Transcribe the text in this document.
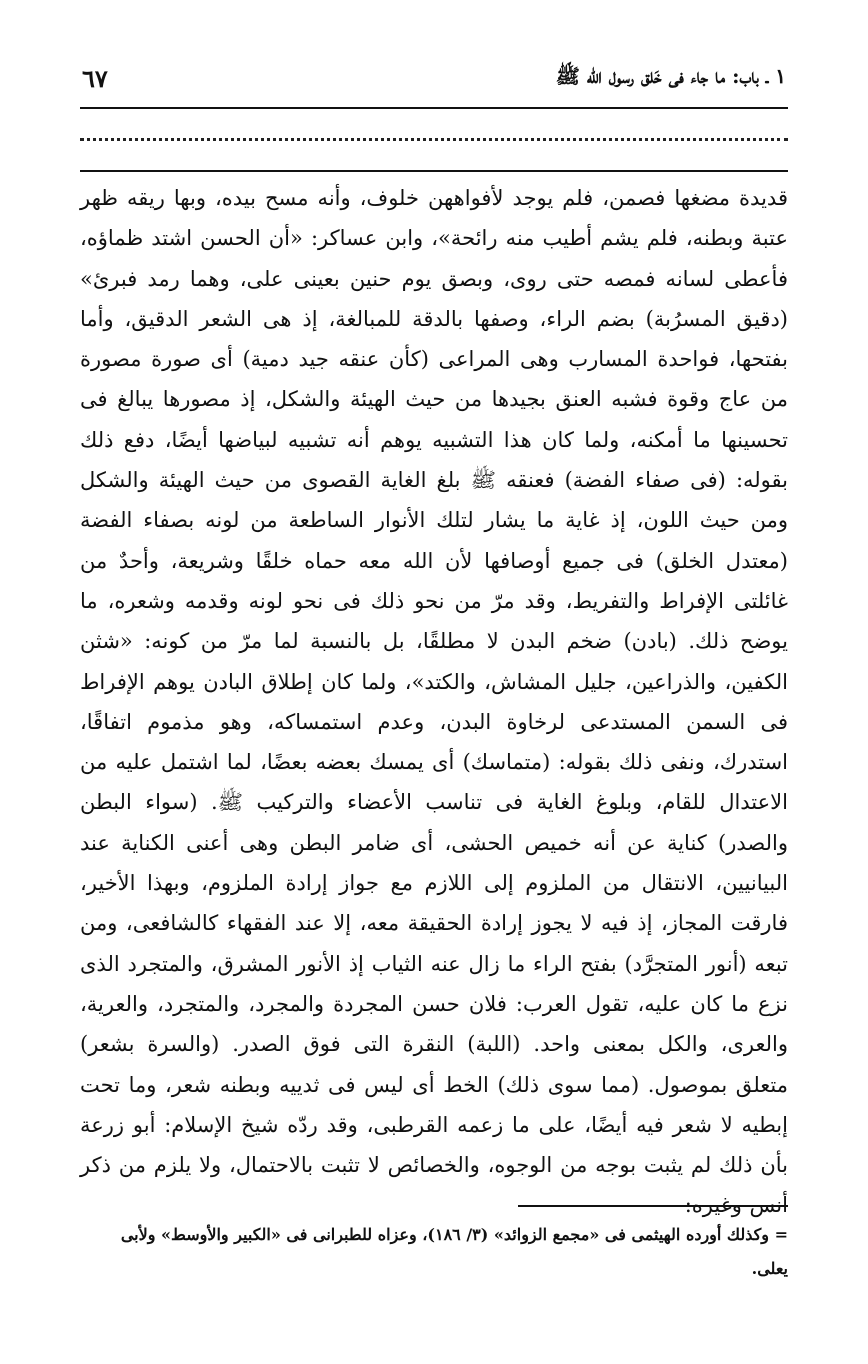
١ ـ باب: ما جاء فى خَلق رسول الله ﷺ
٦٧

قديدة مضغها فصمن، فلم يوجد لأفواههن خلوف، وأنه مسح بيده، وبها ريقه ظهر عتبة وبطنه، فلم يشم أطيب منه رائحة»، وابن عساكر: «أن الحسن اشتد ظماؤه، فأعطى لسانه فمصه حتى روى، وبصق يوم حنين بعينى على، وهما رمد فبرئ» (دقيق المسرُبة) بضم الراء، وصفها بالدقة للمبالغة، إذ هى الشعر الدقيق، وأما بفتحها، فواحدة المسارب وهى المراعى (كأن عنقه جيد دمية) أى صورة مصورة من عاج وقوة فشبه العنق بجيدها من حيث الهيئة والشكل، إذ مصورها يبالغ فى تحسينها ما أمكنه، ولما كان هذا التشبيه يوهم أنه تشبيه لبياضها أيضًا، دفع ذلك بقوله: (فى صفاء الفضة) فعنقه ﷺ بلغ الغاية القصوى من حيث الهيئة والشكل ومن حيث اللون، إذ غاية ما يشار لتلك الأنوار الساطعة من لونه بصفاء الفضة (معتدل الخلق) فى جميع أوصافها لأن الله معه حماه خلقًا وشريعة، وأحدٌ من غائلتى الإفراط والتفريط، وقد مرّ من نحو ذلك فى نحو لونه وقدمه وشعره، ما يوضح ذلك. (بادن) ضخم البدن لا مطلقًا، بل بالنسبة لما مرّ من كونه: «شثن الكفين، والذراعين، جليل المشاش، والكتد»، ولما كان إطلاق البادن يوهم الإفراط فى السمن المستدعى لرخاوة البدن، وعدم استمساكه، وهو مذموم اتفاقًا، استدرك، ونفى ذلك بقوله: (متماسك) أى يمسك بعضه بعضًا، لما اشتمل عليه من الاعتدال للقام، وبلوغ الغاية فى تناسب الأعضاء والتركيب ﷺ. (سواء البطن والصدر) كناية عن أنه خميص الحشى، أى ضامر البطن وهى أعنى الكناية عند البيانيين، الانتقال من الملزوم إلى اللازم مع جواز إرادة الملزوم، وبهذا الأخير، فارقت المجاز، إذ فيه لا يجوز إرادة الحقيقة معه، إلا عند الفقهاء كالشافعى، ومن تبعه (أنور المتجرَّد) بفتح الراء ما زال عنه الثياب إذ الأنور المشرق، والمتجرد الذى نزع ما كان عليه، تقول العرب: فلان حسن المجردة والمجرد، والمتجرد، والعرية، والعرى، والكل بمعنى واحد. (اللبة) النقرة التى فوق الصدر. (والسرة بشعر) متعلق بموصول. (مما سوى ذلك) الخط أى ليس فى ثدييه وبطنه شعر، وما تحت إبطيه لا شعر فيه أيضًا، على ما زعمه القرطبى، وقد ردّه شيخ الإسلام: أبو زرعة بأن ذلك لم يثبت بوجه من الوجوه، والخصائص لا تثبت بالاحتمال، ولا يلزم من ذكر أنس وغيره:

= وكذلك أورده الهيثمى فى «مجمع الزوائد» (٣/ ١٨٦)، وعزاه للطبرانى فى «الكبير والأوسط» ولأبى يعلى.
